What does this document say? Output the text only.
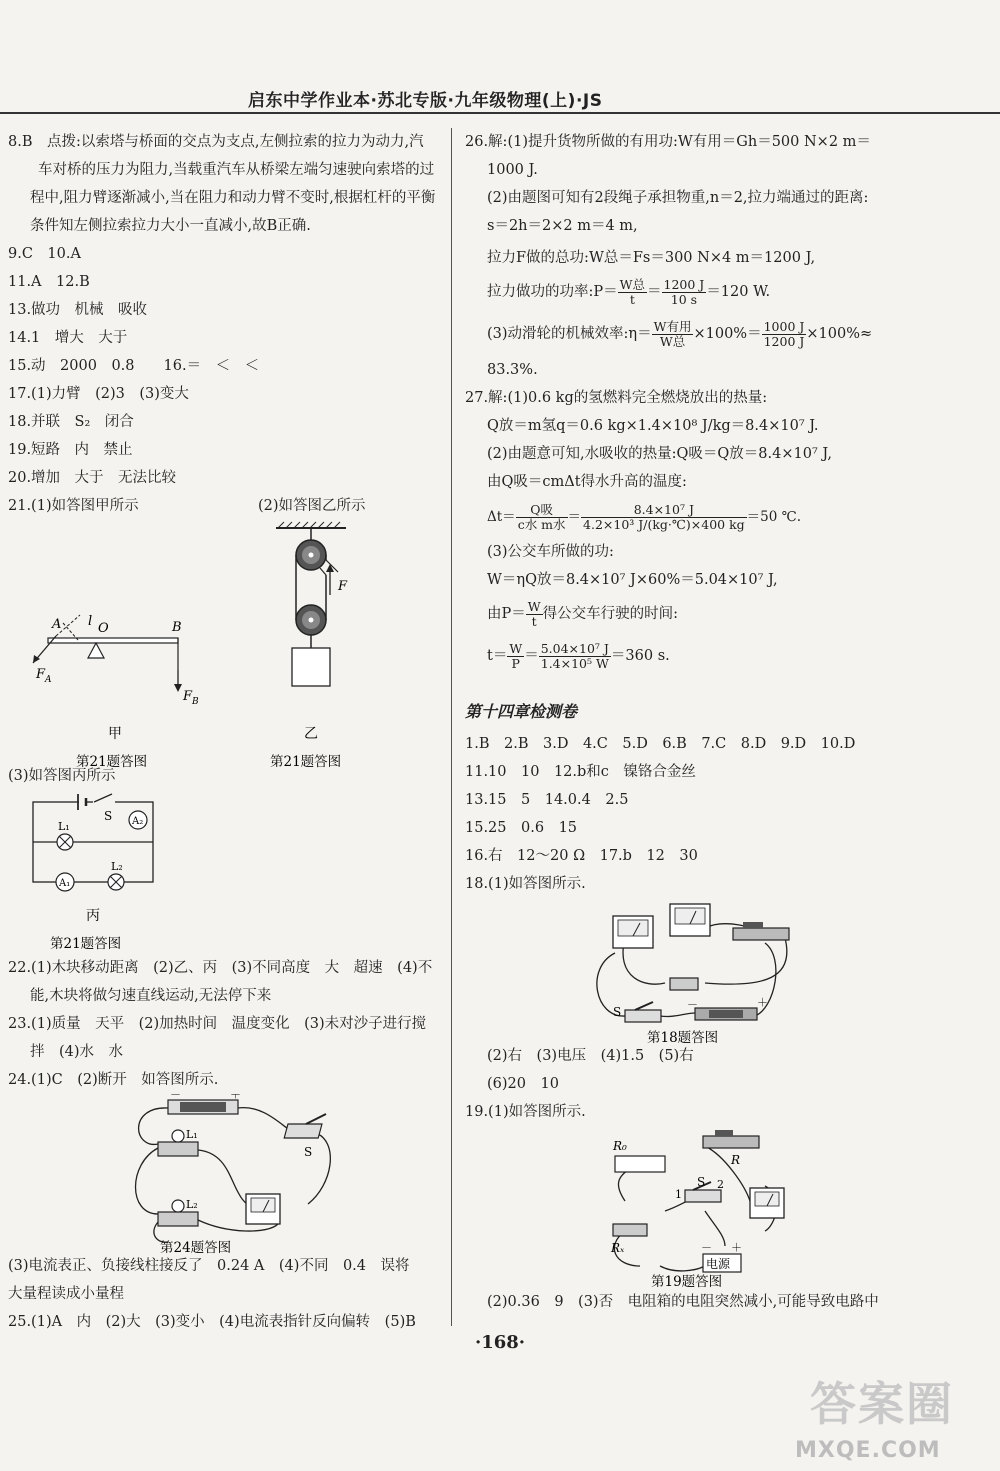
启东中学作业本·苏北专版·九年级物理(上)·JS
8.B　点拨:以索塔与桥面的交点为支点,左侧拉索的拉力为动力,汽
车对桥的压力为阻力,当载重汽车从桥梁左端匀速驶向索塔的过
程中,阻力臂逐渐减小,当在阻力和动力臂不变时,根据杠杆的平衡
条件知左侧拉索拉力大小一直减小,故B正确.
9.C　10.A
11.A　12.B
13.做功　机械　吸收
14.1　增大　大于
15.动　2000　0.8　　16.＝　＜　＜
17.(1)力臂　(2)3　(3)变大
18.并联　S₂　闭合
19.短路　内　禁止
20.增加　大于　无法比较
21.(1)如答图甲所示	(2)如答图乙所示
A l O	B
F A
F B
甲
第21题答图
F
乙
第21题答图
(3)如答图丙所示
S A₂
L₁
A₁
L₂
丙
第21题答图
22.(1)木块移动距离　(2)乙、丙　(3)不同高度　大　超速　(4)不
能,木块将做匀速直线运动,无法停下来
23.(1)质量　天平　(2)加热时间　温度变化　(3)未对沙子进行搅
拌　(4)水　水
24.(1)C　(2)断开　如答图所示.
－	＋
S
L₁
L₂
第24题答图
(3)电流表正、负接线柱接反了　0.24 A　(4)不同　0.4　误将
大量程读成小量程
25.(1)A　内　(2)大　(3)变小　(4)电流表指针反向偏转　(5)B
26.解:(1)提升货物所做的有用功:W有用＝Gh＝500 N×2 m＝
1000 J.
(2)由题图可知有2段绳子承担物重,n＝2,拉力端通过的距离:
s＝2h＝2×2 m＝4 m,
拉力F做的总功:W总＝Fs＝300 N×4 m＝1200 J,
拉力做功的功率:P＝ $\frac{\text{W总}}{t} = \frac{1200 J}{10 s} =120$ W.
(3)动滑轮的机械效率:η＝ $\frac{\text{W有用}}{\text{W总}} \times 100\%= \frac{1000 J}{1200 J} \times 100\%\approx$
83.3%.
27.解:(1)0.6 kg的氢燃料完全燃烧放出的热量:
Q放＝m氢q＝0.6 kg×1.4×10⁸ J/kg＝8.4×10⁷ J.
(2)由题意可知,水吸收的热量:Q吸＝Q放＝8.4×10⁷ J,
由Q吸＝cmΔt得水升高的温度:
$\Delta t= \frac{\text{Q吸}}{\text{c水 m水}} = \frac{\text{8.4×10⁷ J}}{\text{4.2×10³ J/(kg·℃)×400 kg}} =50$ ℃.
(3)公交车所做的功:
W＝ηQ放＝8.4×10⁷ J×60%＝5.04×10⁷ J,
由$P= \frac{W}{t}$ 得公交车行驶的时间:
$t= \frac{W}{P} = \frac{\text{5.04×10⁷ J}}{\text{1.4×10⁵ W}} =360$ s.
第十四章检测卷
1.B　2.B　3.D　4.C　5.D　6.B　7.C　8.D　9.D　10.D
11.10　10　12.b和c　镍铬合金丝
13.15　5　14.0.4　2.5
15.25　0.6　15
16.右　12～20 Ω　17.b　12　30
18.(1)如答图所示.
S
－	＋
第18题答图
(2)右　(3)电压　(4)1.5　(5)右
(6)20　10
19.(1)如答图所示.
R₀
R
1
S 2
Rₓ
电源
－ ＋
第19题答图
(2)0.36　9　(3)否　电阻箱的电阻突然减小,可能导致电路中
·168·
答案圈
MXQE.COM
